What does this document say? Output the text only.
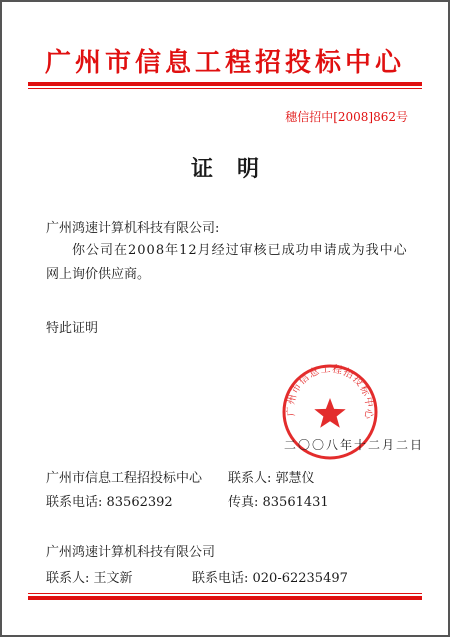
广州市信息工程招投标中心
穗信招中[2008]862号
证明
广州鸿速计算机科技有限公司:
你公司在2008年12月经过审核已成功申请成为我中心
网上询价供应商。
特此证明
广州市信息工程招投标中心
二〇〇八年十二月二日
广州市信息工程招投标中心 联系人: 郭慧仪
联系电话: 83562392	传真: 83561431
广州鸿速计算机科技有限公司
联系人: 王文新	联系电话: 020-62235497
